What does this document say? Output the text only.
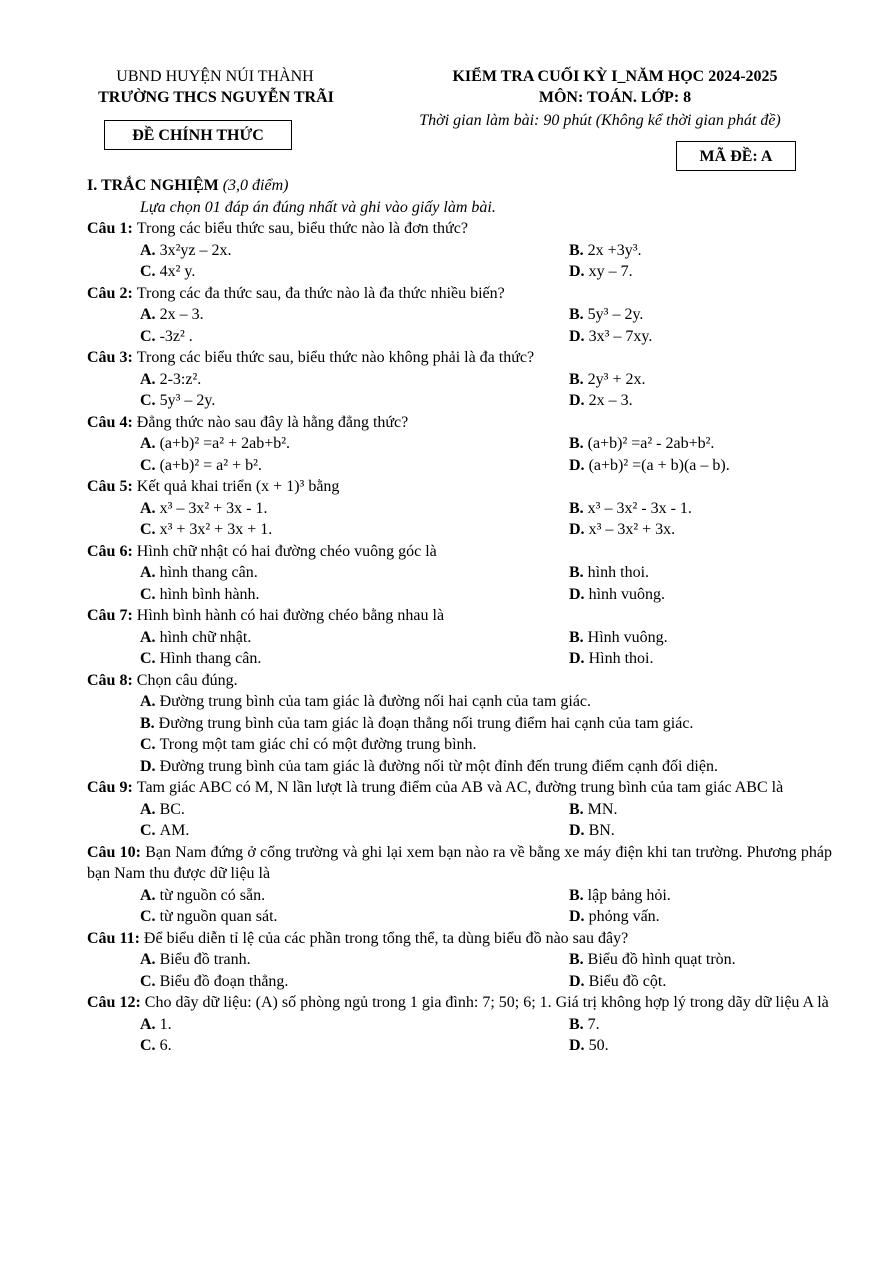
UBND HUYỆN NÚI THÀNH
TRƯỜNG THCS NGUYỄN TRÃI
KIỂM TRA CUỐI KỲ I_NĂM HỌC 2024-2025
MÔN: TOÁN. LỚP: 8
Thời gian làm bài: 90 phút (Không kể thời gian phát đề)
ĐỀ CHÍNH THỨC
MÃ ĐỀ: A
I. TRẮC NGHIỆM (3,0 điểm)
Lựa chọn 01 đáp án đúng nhất và ghi vào giấy làm bài.
Câu 1: Trong các biểu thức sau, biểu thức nào là đơn thức?
A. 3x²yz – 2x.	B. 2x +3y³.
C. 4x² y.	D. xy – 7.
Câu 2: Trong các đa thức sau, đa thức nào là đa thức nhiều biến?
A. 2x – 3.	B. 5y³ – 2y.
C. -3z² .	D. 3x³ – 7xy.
Câu 3: Trong các biểu thức sau, biểu thức nào không phải là đa thức?
A. 2-3:z².	B. 2y³ + 2x.
C. 5y³ – 2y.	D. 2x – 3.
Câu 4: Đẳng thức nào sau đây là hằng đẳng thức?
A. (a+b)² =a² + 2ab+b².	B. (a+b)² =a² - 2ab+b².
C. (a+b)² = a² + b².	D. (a+b)² =(a + b)(a – b).
Câu 5: Kết quả khai triển (x + 1)³ bằng
A. x³ – 3x² + 3x - 1.	B. x³ – 3x² - 3x - 1.
C. x³ + 3x² + 3x + 1.	D. x³ – 3x² + 3x.
Câu 6: Hình chữ nhật có hai đường chéo vuông góc là
A. hình thang cân.	B. hình thoi.
C. hình bình hành.	D. hình vuông.
Câu 7: Hình bình hành có hai đường chéo bằng nhau là
A. hình chữ nhật.	B. Hình vuông.
C. Hình thang cân.	D. Hình thoi.
Câu 8: Chọn câu đúng.
A. Đường trung bình của tam giác là đường nối hai cạnh của tam giác.
B. Đường trung bình của tam giác là đoạn thẳng nối trung điểm hai cạnh của tam giác.
C. Trong một tam giác chỉ có một đường trung bình.
D. Đường trung bình của tam giác là đường nối từ một đỉnh đến trung điểm cạnh đối diện.
Câu 9: Tam giác ABC có M, N lần lượt là trung điểm của AB và AC, đường trung bình của tam giác ABC là
A. BC.	B. MN.
C. AM.	D. BN.
Câu 10: Bạn Nam đứng ở cổng trường và ghi lại xem bạn nào ra về bằng xe máy điện khi tan trường. Phương pháp bạn Nam thu được dữ liệu là
A. từ nguồn có sẵn.	B. lập bảng hỏi.
C. từ nguồn quan sát.	D. phỏng vấn.
Câu 11: Để biểu diễn tỉ lệ của các phần trong tổng thể, ta dùng biểu đồ nào sau đây?
A. Biểu đồ tranh.	B. Biểu đồ hình quạt tròn.
C. Biểu đồ đoạn thẳng.	D. Biểu đồ cột.
Câu 12: Cho dãy dữ liệu: (A) số phòng ngủ trong 1 gia đình: 7; 50; 6; 1. Giá trị không hợp lý trong dãy dữ liệu A là
A. 1.	B. 7.
C. 6.	D. 50.
